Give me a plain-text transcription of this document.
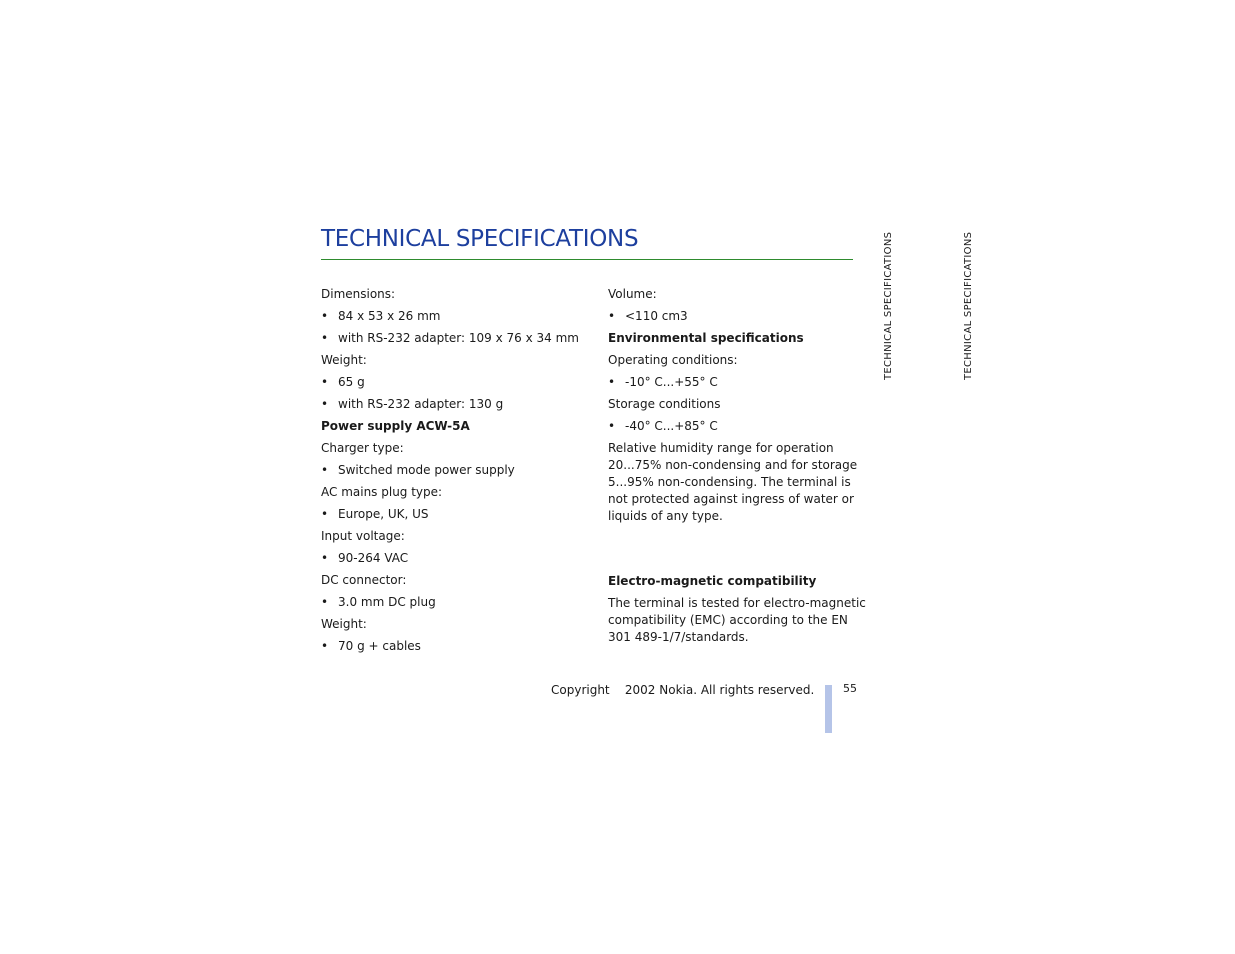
TECHNICAL SPECIFICATIONS
Dimensions:
• 84 x 53 x 26 mm
• with RS-232 adapter: 109 x 76 x 34 mm
Weight:
• 65 g
• with RS-232 adapter: 130 g
Power supply ACW-5A
Charger type:
• Switched mode power supply
AC mains plug type:
• Europe, UK, US
Input voltage:
• 90-264 VAC
DC connector:
• 3.0 mm DC plug
Weight:
• 70 g + cables
Volume:
• <110 cm3
Environmental specifications
Operating conditions:
• -10° C...+55° C
Storage conditions
• -40° C...+85° C
Relative humidity range for operation 20...75% non-condensing and for storage 5...95% non-condensing. The terminal is not protected against ingress of water or liquids of any type.
Electro-magnetic compatibility
The terminal is tested for electro-magnetic compatibility (EMC) according to the EN 301 489-1/7/standards.
TECHNICAL SPECIFICATIONS	TECHNICAL SPECIFICATIONS
Copyright    2002 Nokia. All rights reserved.	55
